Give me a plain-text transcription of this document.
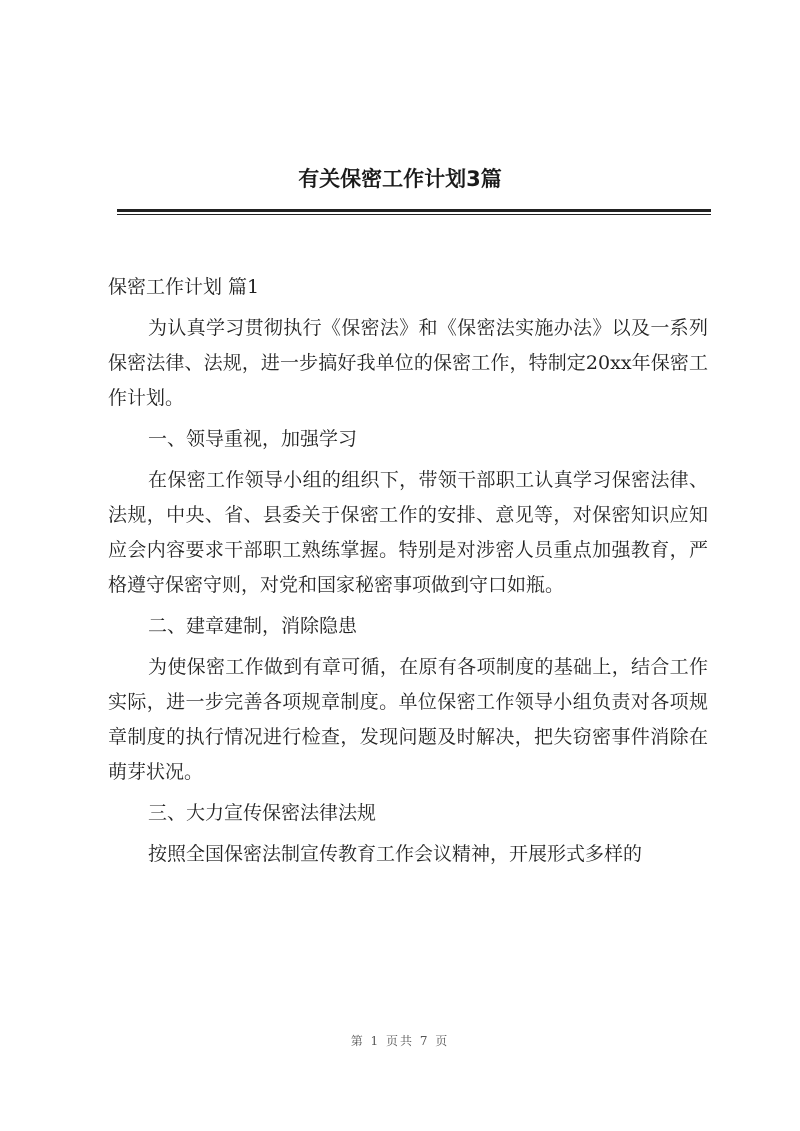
有关保密工作计划3篇

保密工作计划 篇1

为认真学习贯彻执行《保密法》和《保密法实施办法》以及一系列保密法律、法规，进一步搞好我单位的保密工作，特制定20xx年保密工作计划。

一、领导重视，加强学习

在保密工作领导小组的组织下，带领干部职工认真学习保密法律、法规，中央、省、县委关于保密工作的安排、意见等，对保密知识应知应会内容要求干部职工熟练掌握。特别是对涉密人员重点加强教育，严格遵守保密守则，对党和国家秘密事项做到守口如瓶。

二、建章建制，消除隐患

为使保密工作做到有章可循，在原有各项制度的基础上，结合工作实际，进一步完善各项规章制度。单位保密工作领导小组负责对各项规章制度的执行情况进行检查，发现问题及时解决，把失窃密事件消除在萌芽状况。

三、大力宣传保密法律法规

按照全国保密法制宣传教育工作会议精神，开展形式多样的

第 1 页共 7 页
